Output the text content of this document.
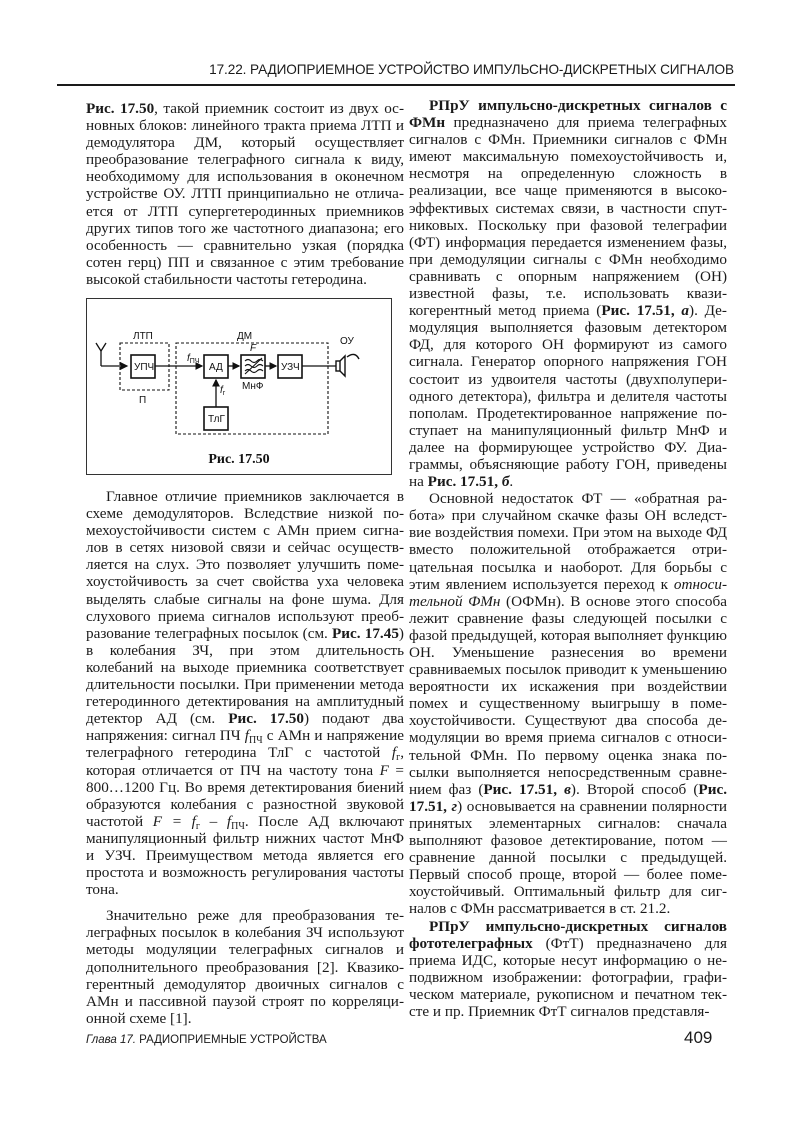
17.22. РАДИОПРИЕМНОЕ УСТРОЙСТВО ИМПУЛЬСНО-ДИСКРЕТНЫХ СИГНАЛОВ

Рис. 17.50, такой приемник состоит из двух основных блоков: линейного тракта приема ЛТП и демодулятора ДМ, который осуществляет преобразование телеграфного сигнала к виду, необходимому для использования в оконечном устройстве ОУ. ЛТП принципиально не отличается от ЛТП супергетеродинных приемников других типов того же частотного диапазона; его особенность — сравнительно узкая (порядка сотен герц) ПП и связанное с этим требование высокой стабильности частоты гетеродина.

ЛТП
П
УПЧ
ДМ
$f_{ПЧ}$
АД
F
МнФ
УЗЧ
ОУ
$f_г$
ТлГ
Рис. 17.50

Главное отличие приемников заключается в схеме демодуляторов. Вследствие низкой помехоустойчивости систем с АМн прием сигналов в сетях низовой связи и сейчас осуществляется на слух. Это позволяет улучшить помехоустойчивость за счет свойства уха человека выделять слабые сигналы на фоне шума. Для слухового приема сигналов используют преобразование телеграфных посылок (см. Рис. 17.45) в колебания ЗЧ, при этом длительность колебаний на выходе приемника соответствует длительности посылки. При применении метода гетеродинного детектирования на амплитудный детектор АД (см. Рис. 17.50) подают два напряжения: сигнал ПЧ $f_{ПЧ}$ с АМн и напряжение телеграфного гетеродина ТлГ с частотой $f_г$, которая отличается от ПЧ на частоту тона F = 800…1200 Гц. Во время детектирования биений образуются колебания с разностной звуковой частотой $F = f_г - f_{ПЧ}$. После АД включают манипуляционный фильтр нижних частот МнФ и УЗЧ. Преимуществом метода является его простота и возможность регулирования частоты тона.

Значительно реже для преобразования телеграфных посылок в колебания ЗЧ используют методы модуляции телеграфных сигналов и дополнительного преобразования [2]. Квазикогерентный демодулятор двоичных сигналов с АМн и пассивной паузой строят по корреляционной схеме [1].

РПрУ импульсно-дискретных сигналов с ФМн предназначено для приема телеграфных сигналов с ФМн. Приемники сигналов с ФМн имеют максимальную помехоустойчивость и, несмотря на определенную сложность в реализации, все чаще применяются в высокоэффективых системах связи, в частности спутниковых. Поскольку при фазовой телеграфии (ФТ) информация передается изменением фазы, при демодуляции сигналы с ФМн необходимо сравнивать с опорным напряжением (ОН) известной фазы, т.е. использовать квазикогерентный метод приема (Рис. 17.51, а). Демодуляция выполняется фазовым детектором ФД, для которого ОН формируют из самого сигнала. Генератор опорного напряжения ГОН состоит из удвоителя частоты (двухполупериодного детектора), фильтра и делителя частоты пополам. Продетектированное напряжение поступает на манипуляционный фильтр МнФ и далее на формирующее устройство ФУ. Диаграммы, объясняющие работу ГОН, приведены на Рис. 17.51, б.

Основной недостаток ФТ — «обратная работа» при случайном скачке фазы ОН вследствие воздействия помехи. При этом на выходе ФД вместо положительной отображается отрицательная посылка и наоборот. Для борьбы с этим явлением используется переход к относительной ФМн (ОФМн). В основе этого способа лежит сравнение фазы следующей посылки с фазой предыдущей, которая выполняет функцию ОН. Уменьшение разнесения во времени сравниваемых посылок приводит к уменьшению вероятности их искажения при воздействии помех и существенному выигрышу в помехоустойчивости. Существуют два способа демодуляции во время приема сигналов с относительной ФМн. По первому оценка знака посылки выполняется непосредственным сравнением фаз (Рис. 17.51, в). Второй способ (Рис. 17.51, г) основывается на сравнении полярности принятых элементарных сигналов: сначала выполняют фазовое детектирование, потом — сравнение данной посылки с предыдущей. Первый способ проще, второй — более помехоустойчивый. Оптимальный фильтр для сигналов с ФМн рассматривается в ст. 21.2.

РПрУ импульсно-дискретных сигналов фототелеграфных (ФтТ) предназначено для приема ИДС, которые несут информацию о неподвижном изображении: фотографии, графическом материале, рукописном и печатном тексте и пр. Приемник ФтТ сигналов представля-

Глава 17. РАДИОПРИЕМНЫЕ УСТРОЙСТВА	409
